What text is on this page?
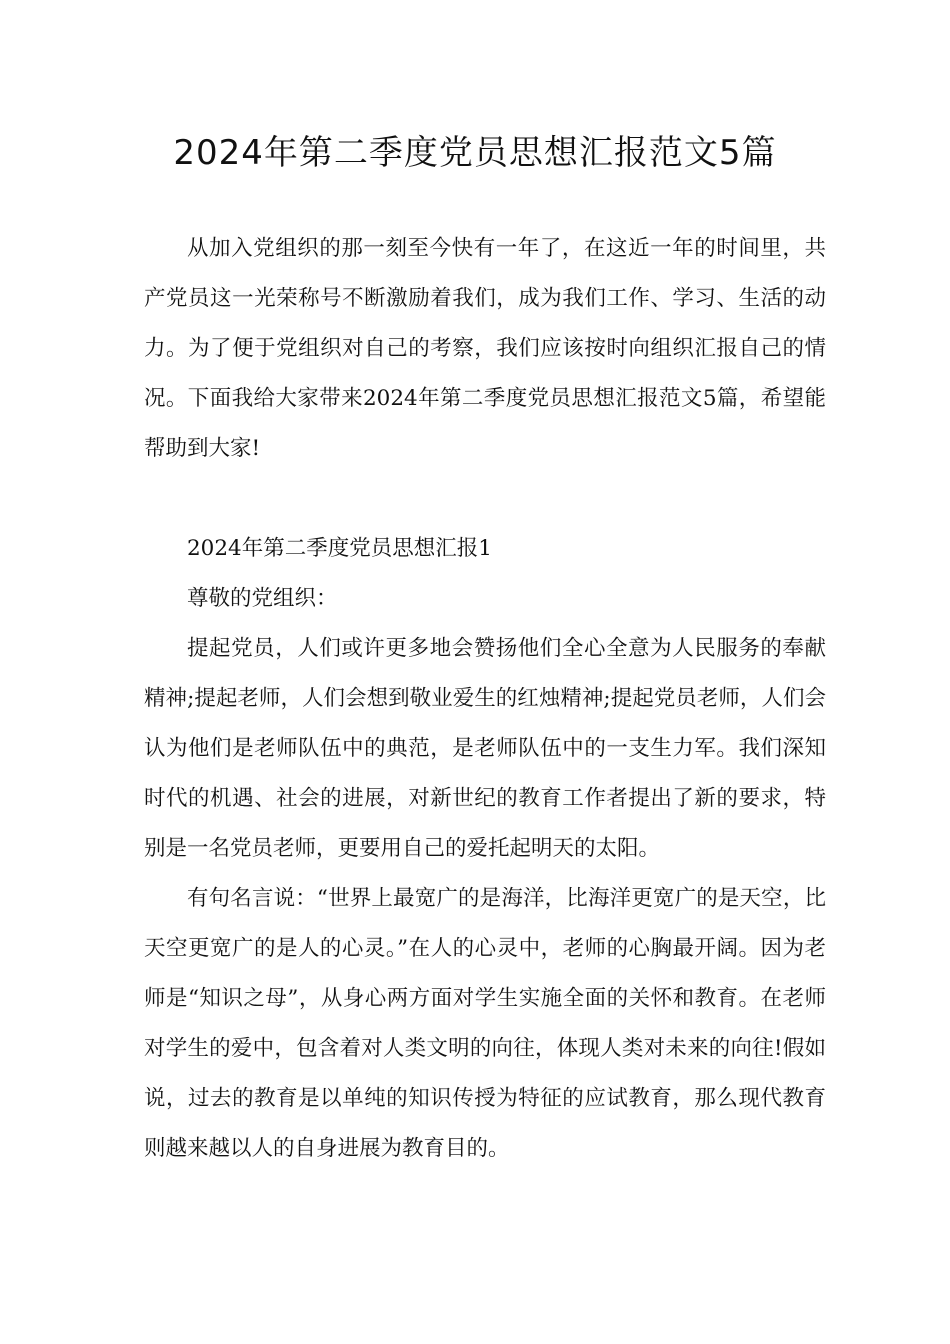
2024年第二季度党员思想汇报范文5篇

从加入党组织的那一刻至今快有一年了，在这近一年的时间里，共产党员这一光荣称号不断激励着我们，成为我们工作、学习、生活的动力。为了便于党组织对自己的考察，我们应该按时向组织汇报自己的情况。下面我给大家带来2024年第二季度党员思想汇报范文5篇，希望能帮助到大家!

2024年第二季度党员思想汇报1

尊敬的党组织：

提起党员，人们或许更多地会赞扬他们全心全意为人民服务的奉献精神;提起老师，人们会想到敬业爱生的红烛精神;提起党员老师，人们会认为他们是老师队伍中的典范，是老师队伍中的一支生力军。我们深知时代的机遇、社会的进展，对新世纪的教育工作者提出了新的要求，特别是一名党员老师，更要用自己的爱托起明天的太阳。

有句名言说：“世界上最宽广的是海洋，比海洋更宽广的是天空，比天空更宽广的是人的心灵。”在人的心灵中，老师的心胸最开阔。因为老师是“知识之母”，从身心两方面对学生实施全面的关怀和教育。在老师对学生的爱中，包含着对人类文明的向往，体现人类对未来的向往!假如说，过去的教育是以单纯的知识传授为特征的应试教育，那么现代教育则越来越以人的自身进展为教育目的。
